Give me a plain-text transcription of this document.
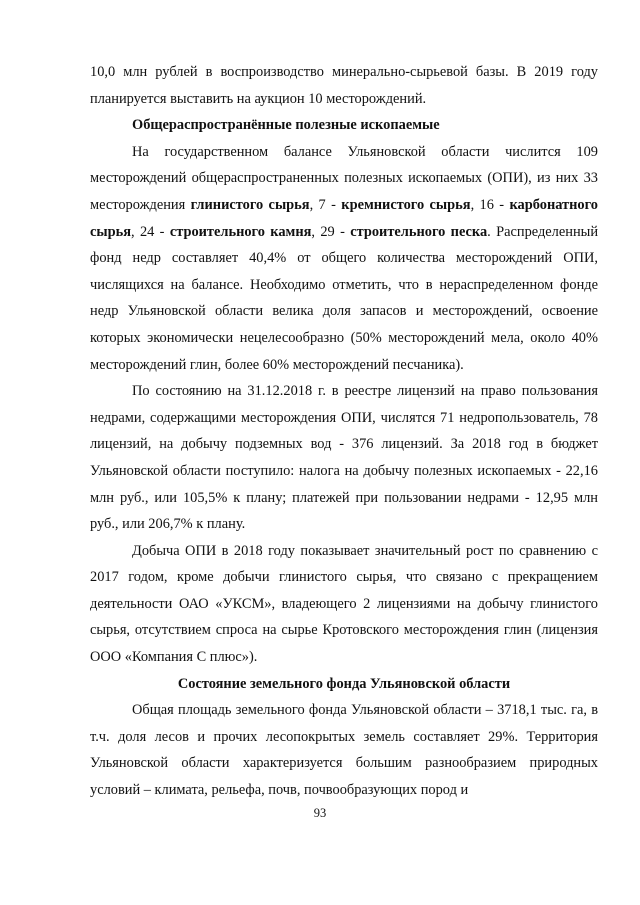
10,0 млн рублей в воспроизводство минерально-сырьевой базы. В 2019 году планируется выставить на аукцион 10 месторождений.

Общераспространённые полезные ископаемые

На государственном балансе Ульяновской области числится 109 месторождений общераспространенных полезных ископаемых (ОПИ), из них 33 месторождения глинистого сырья, 7 - кремнистого сырья, 16 - карбонатного сырья, 24 - строительного камня, 29 - строительного песка. Распределенный фонд недр составляет 40,4% от общего количества месторождений ОПИ, числящихся на балансе. Необходимо отметить, что в нераспределенном фонде недр Ульяновской области велика доля запасов и месторождений, освоение которых экономически нецелесообразно (50% месторождений мела, около 40% месторождений глин, более 60% месторождений песчаника).

По состоянию на 31.12.2018 г. в реестре лицензий на право пользования недрами, содержащими месторождения ОПИ, числятся 71 недропользователь, 78 лицензий, на добычу подземных вод - 376 лицензий. За 2018 год в бюджет Ульяновской области поступило: налога на добычу полезных ископаемых - 22,16 млн руб., или 105,5% к плану; платежей при пользовании недрами - 12,95 млн руб., или 206,7% к плану.

Добыча ОПИ в 2018 году показывает значительный рост по сравнению с 2017 годом, кроме добычи глинистого сырья, что связано с прекращением деятельности ОАО «УКСМ», владеющего 2 лицензиями на добычу глинистого сырья, отсутствием спроса на сырье Кротовского месторождения глин (лицензия ООО «Компания С плюс»).

Состояние земельного фонда Ульяновской области

Общая площадь земельного фонда Ульяновской области – 3718,1 тыс. га, в т.ч. доля лесов и прочих лесопокрытых земель составляет 29%. Территория Ульяновской области характеризуется большим разнообразием природных условий – климата, рельефа, почв, почвообразующих пород и

93
